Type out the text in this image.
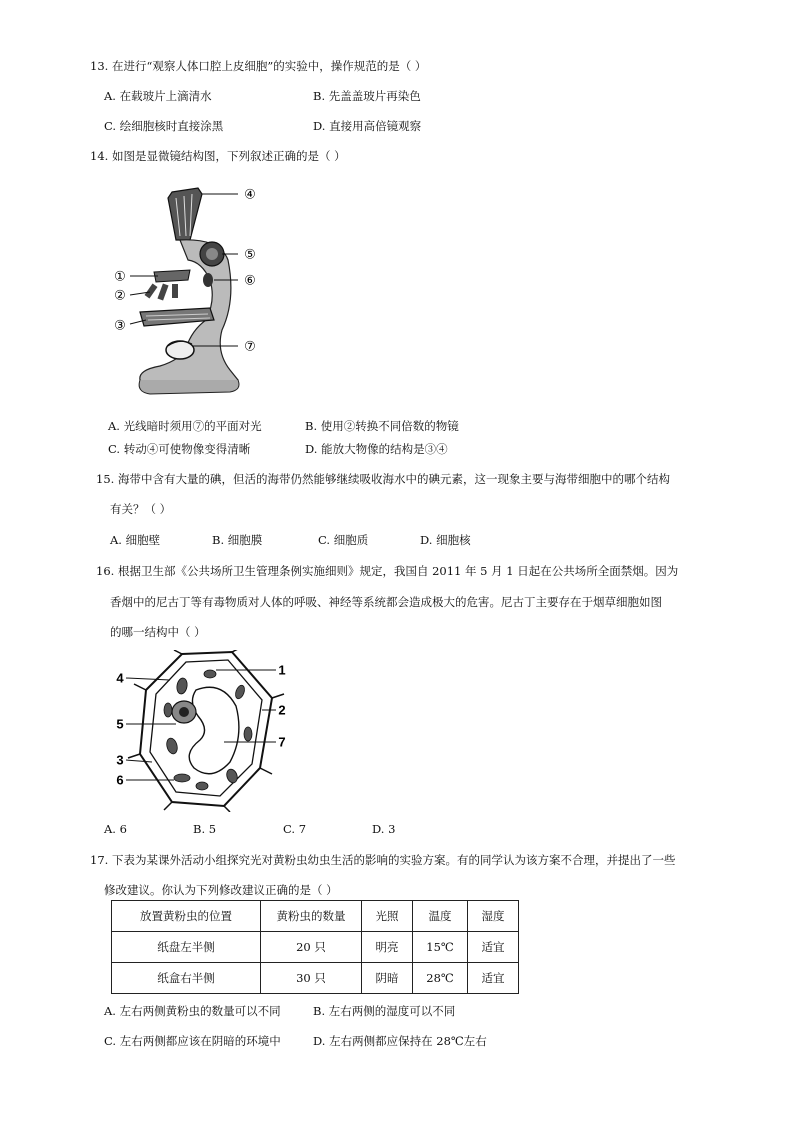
13. 在进行“观察人体口腔上皮细胞”的实验中，操作规范的是（ ）
A. 在载玻片上滴清水	B. 先盖盖玻片再染色
C. 绘细胞核时直接涂黑	D. 直接用高倍镜观察
14. 如图是显微镜结构图，下列叙述正确的是（ ）
①
②
③
④
⑤
⑥
⑦
A. 光线暗时须用⑦的平面对光	B. 使用②转换不同倍数的物镜
C. 转动④可使物像变得清晰	D. 能放大物像的结构是③④
15. 海带中含有大量的碘，但活的海带仍然能够继续吸收海水中的碘元素，这一现象主要与海带细胞中的哪个结构
有关？（ ）
A. 细胞壁	B. 细胞膜	C. 细胞质	D. 细胞核
16. 根据卫生部《公共场所卫生管理条例实施细则》规定，我国自 2011 年 5 月 1 日起在公共场所全面禁烟。因为
香烟中的尼古丁等有毒物质对人体的呼吸、神经等系统都会造成极大的危害。尼古丁主要存在于烟草细胞如图
的哪一结构中（ ）
1
2
3
4
5
6
7
A. 6	B. 5	C. 7	D. 3
17. 下表为某课外活动小组探究光对黄粉虫幼虫生活的影响的实验方案。有的同学认为该方案不合理，并提出了一些
修改建议。你认为下列修改建议正确的是（ ）
放置黄粉虫的位置	黄粉虫的数量	光照	温度	湿度
纸盘左半侧	20 只	明亮	15℃	适宜
纸盒右半侧	30 只	阴暗	28℃	适宜
A. 左右两侧黄粉虫的数量可以不同	B. 左右两侧的湿度可以不同
C. 左右两侧都应该在阴暗的环境中	D. 左右两侧都应保持在 28℃左右
